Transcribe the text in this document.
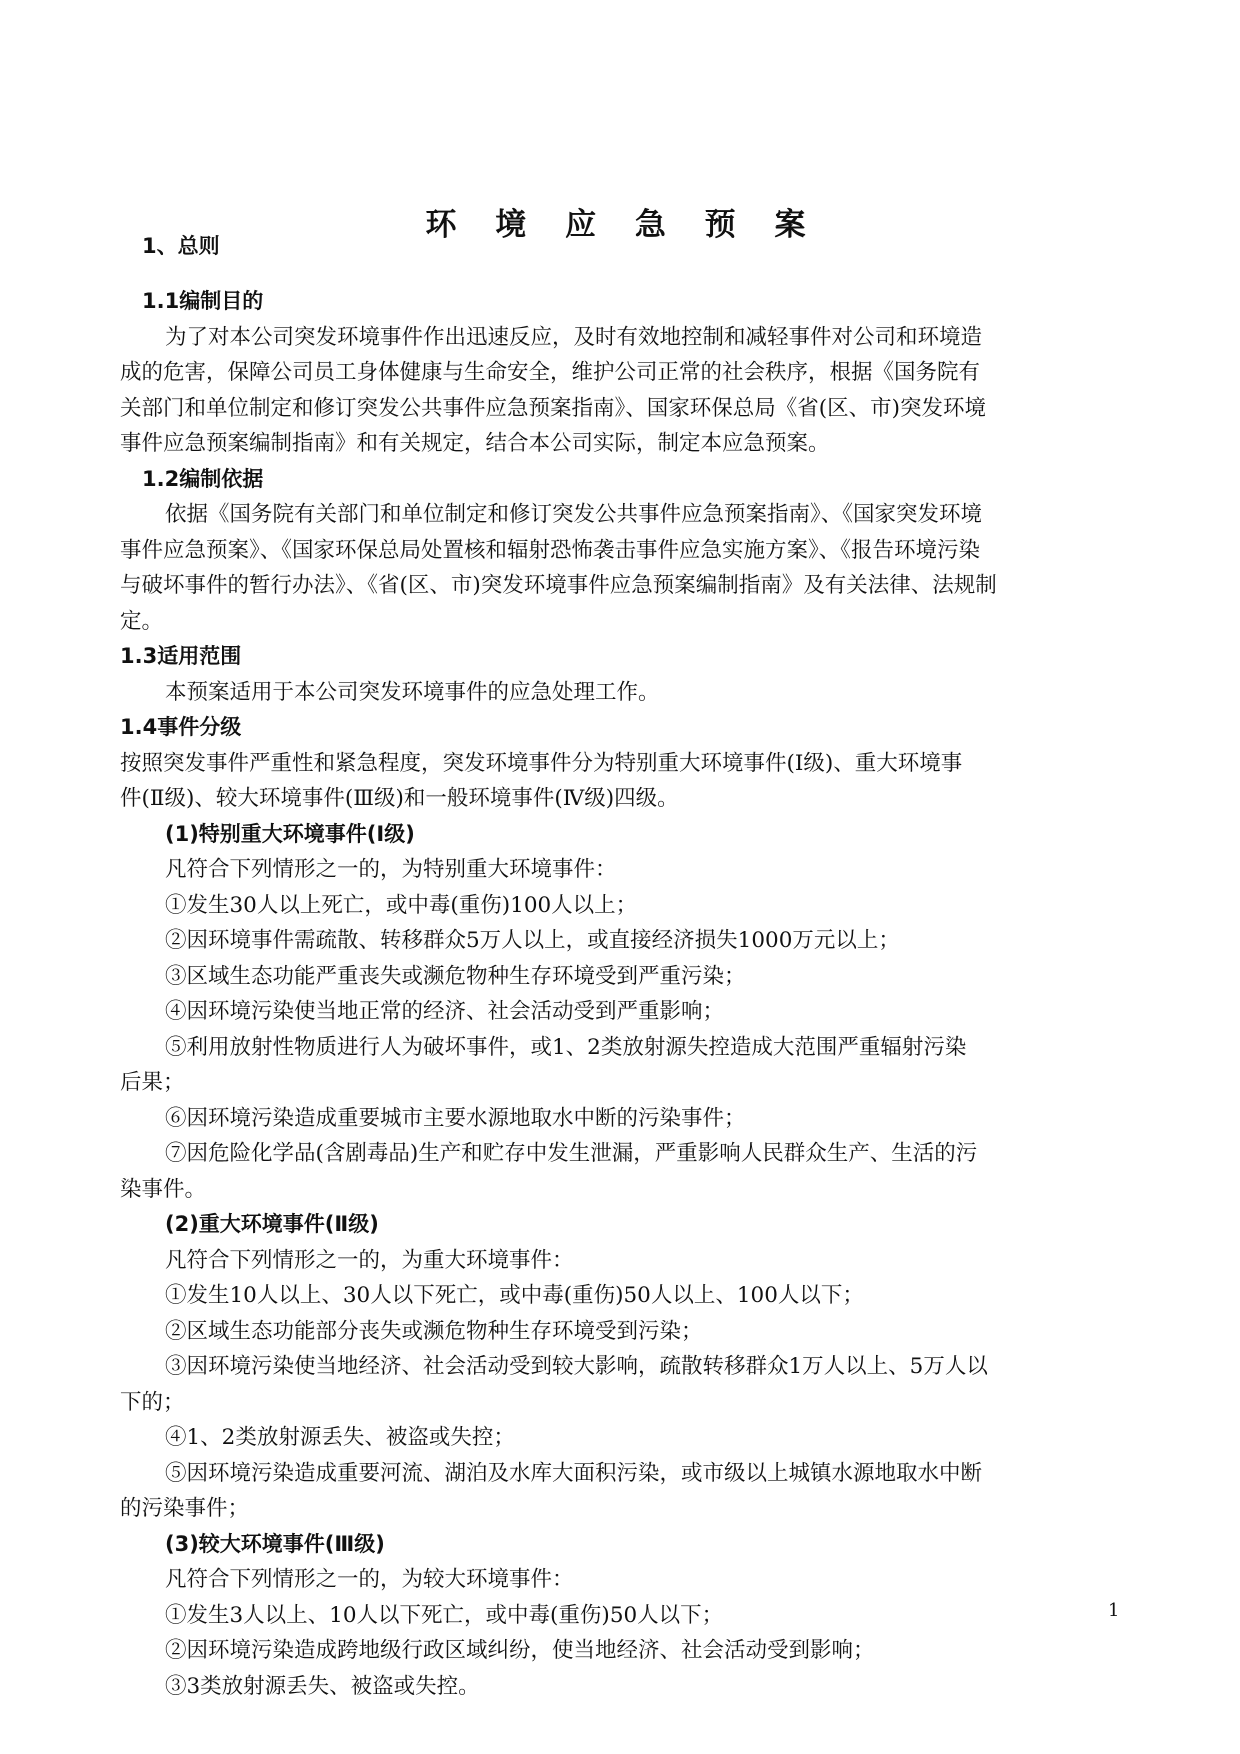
环 境 应 急 预 案
1、总则
1.1编制目的
为了对本公司突发环境事件作出迅速反应，及时有效地控制和减轻事件对公司和环境造
成的危害，保障公司员工身体健康与生命安全，维护公司正常的社会秩序，根据《国务院有
关部门和单位制定和修订突发公共事件应急预案指南》、国家环保总局《省(区、市)突发环境
事件应急预案编制指南》和有关规定，结合本公司实际，制定本应急预案。
1.2编制依据
依据《国务院有关部门和单位制定和修订突发公共事件应急预案指南》、《国家突发环境
事件应急预案》、《国家环保总局处置核和辐射恐怖袭击事件应急实施方案》、《报告环境污染
与破坏事件的暂行办法》、《省(区、市)突发环境事件应急预案编制指南》及有关法律、法规制
定。
1.3适用范围
本预案适用于本公司突发环境事件的应急处理工作。
1.4事件分级
按照突发事件严重性和紧急程度，突发环境事件分为特别重大环境事件(Ⅰ级)、重大环境事
件(Ⅱ级)、较大环境事件(Ⅲ级)和一般环境事件(Ⅳ级)四级。
(1)特别重大环境事件(Ⅰ级)
凡符合下列情形之一的，为特别重大环境事件：
①发生30人以上死亡，或中毒(重伤)100人以上；
②因环境事件需疏散、转移群众5万人以上，或直接经济损失1000万元以上；
③区域生态功能严重丧失或濒危物种生存环境受到严重污染；
④因环境污染使当地正常的经济、社会活动受到严重影响；
⑤利用放射性物质进行人为破坏事件，或1、2类放射源失控造成大范围严重辐射污染
后果；
⑥因环境污染造成重要城市主要水源地取水中断的污染事件；
⑦因危险化学品(含剧毒品)生产和贮存中发生泄漏，严重影响人民群众生产、生活的污
染事件。
(2)重大环境事件(Ⅱ级)
凡符合下列情形之一的，为重大环境事件：
①发生10人以上、30人以下死亡，或中毒(重伤)50人以上、100人以下；
②区域生态功能部分丧失或濒危物种生存环境受到污染；
③因环境污染使当地经济、社会活动受到较大影响，疏散转移群众1万人以上、5万人以
下的；
④1、2类放射源丢失、被盗或失控；
⑤因环境污染造成重要河流、湖泊及水库大面积污染，或市级以上城镇水源地取水中断
的污染事件；
(3)较大环境事件(Ⅲ级)
凡符合下列情形之一的，为较大环境事件：
①发生3人以上、10人以下死亡，或中毒(重伤)50人以下；
②因环境污染造成跨地级行政区域纠纷，使当地经济、社会活动受到影响；
③3类放射源丢失、被盗或失控。
1
